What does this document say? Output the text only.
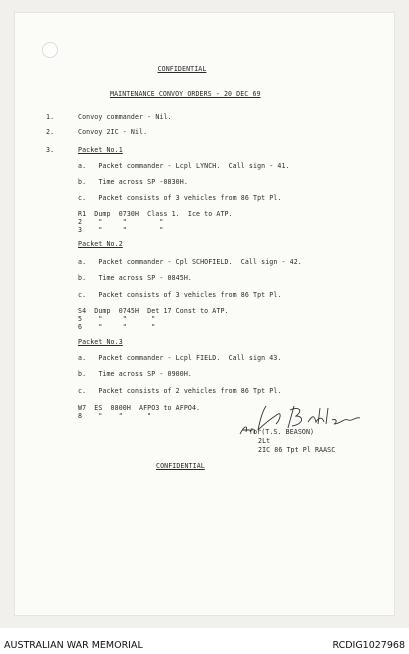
CONFIDENTIAL
MAINTENANCE CONVOY ORDERS - 20 DEC 69
1.	Convoy commander - Nil.
2.	Convoy 2IC - Nil.
3.	Packet No.1
a.   Packet commander - Lcpl LYNCH.  Call sign - 41.
b.   Time across SP -0830H.
c.   Packet consists of 3 vehicles from 86 Tpt Pl.
R1  Dump  0730H  Class 1.  Ice to ATP.
2    "     "        "
3    "     "        "
Packet No.2
a.   Packet commander - Cpl SCHOFIELD.  Call sign - 42.
b.   Time across SP - 0845H.
c.   Packet consists of 3 vehicles from 86 Tpt Pl.
S4  Dump  0745H  Det 17 Const to ATP.
5    "     "      "
6    "     "      "
Packet No.3
a.   Packet commander - Lcpl FIELD.  Call sign 43.
b.   Time across SP - 0900H.
c.   Packet consists of 2 vehicles from 86 Tpt Pl.
W7  ES  0800H  AFPO3 to AFPO4.
8    "    "      "
for(T.S. BEASON)
2Lt
2IC 86 Tpt Pl RAASC
CONFIDENTIAL
AUSTRALIAN WAR MEMORIAL	RCDIG1027968
